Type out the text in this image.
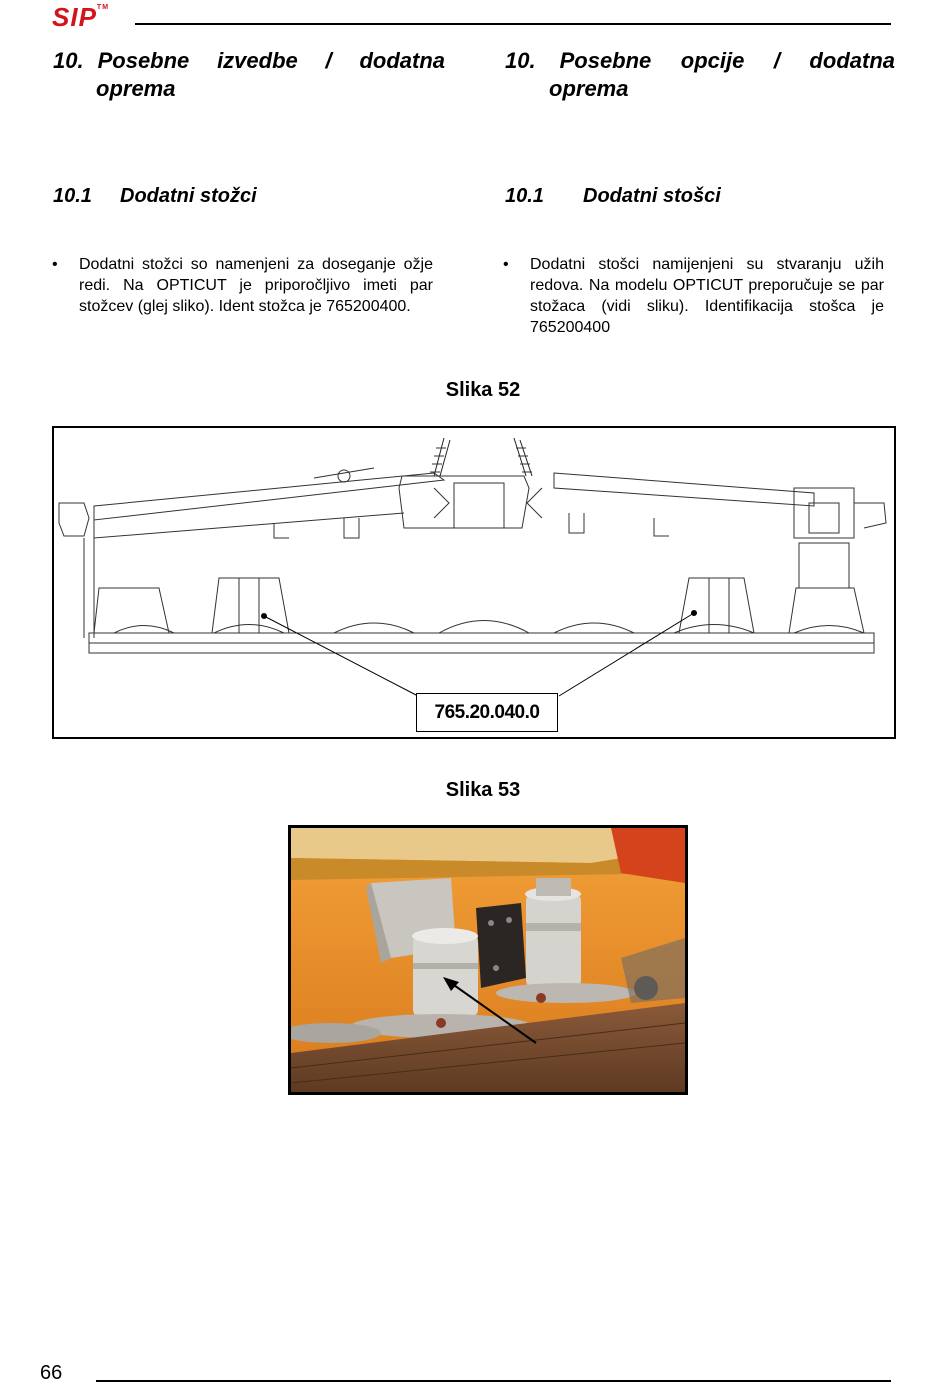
SIP™
10. Posebne izvedbe / dodatna
oprema
10. Posebne opcije / dodatna
oprema
10.1 Dodatni stožci	10.1 Dodatni stošci
• Dodatni stožci so namenjeni za doseganje ožje redi. Na OPTICUT je priporočljivo imeti par stožcev (glej sliko). Ident stožca je 765200400.
• Dodatni stošci namijenjeni su stvaranju užih redova. Na modelu OPTICUT preporučuje se par stožaca (vidi sliku). Identifikacija stošca je 765200400
Slika 52
765.20.040.0
Slika 53
66
